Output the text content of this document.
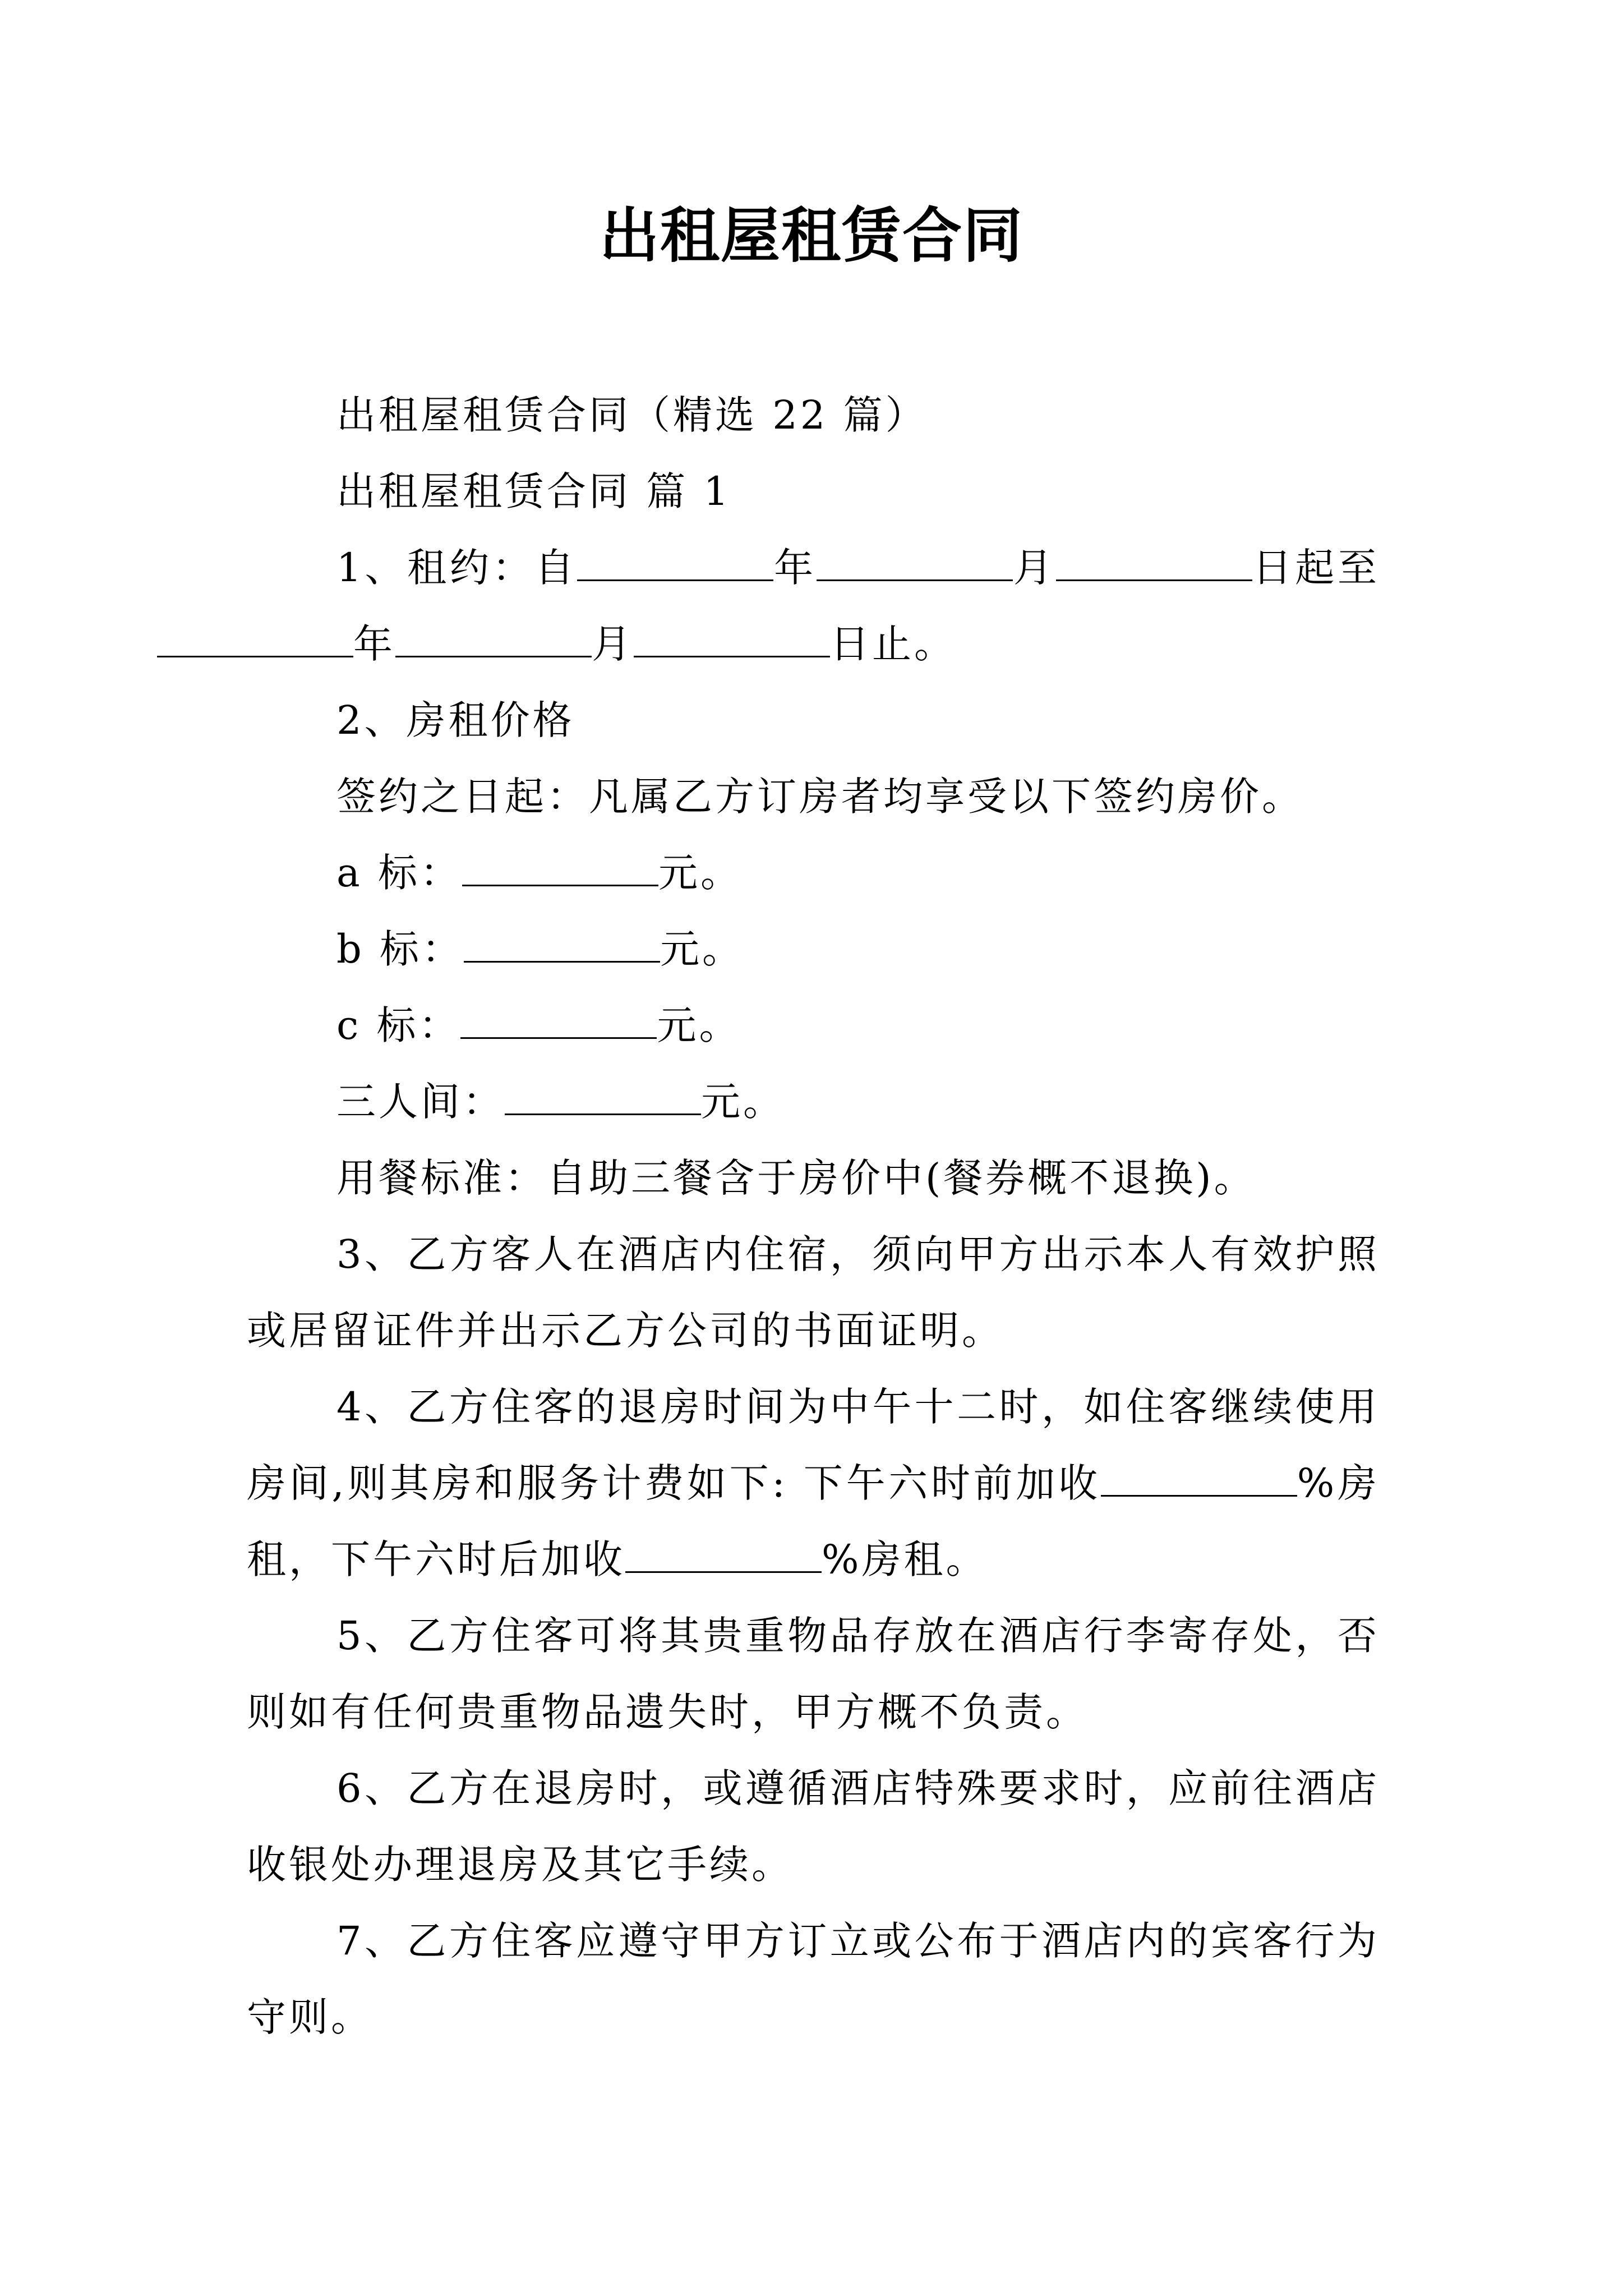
出租屋租赁合同

出租屋租赁合同（精选 22 篇）

出租屋租赁合同 篇 1

1、租约：自	年	月	日起至年	月	日止。

2、房租价格

签约之日起：凡属乙方订房者均享受以下签约房价。

a 标：	元。

b 标：	元。

c 标：	元。

三人间：	元。

用餐标准：自助三餐含于房价中(餐券概不退换)。

3、乙方客人在酒店内住宿，须向甲方出示本人有效护照或居留证件并出示乙方公司的书面证明。

4、乙方住客的退房时间为中午十二时，如住客继续使用房间,则其房和服务计费如下: 下午六时前加收	%房租，下午六时后加收	%房租。

5、乙方住客可将其贵重物品存放在酒店行李寄存处，否则如有任何贵重物品遗失时，甲方概不负责。

6、乙方在退房时，或遵循酒店特殊要求时，应前往酒店收银处办理退房及其它手续。

7、乙方住客应遵守甲方订立或公布于酒店内的宾客行为守则。
